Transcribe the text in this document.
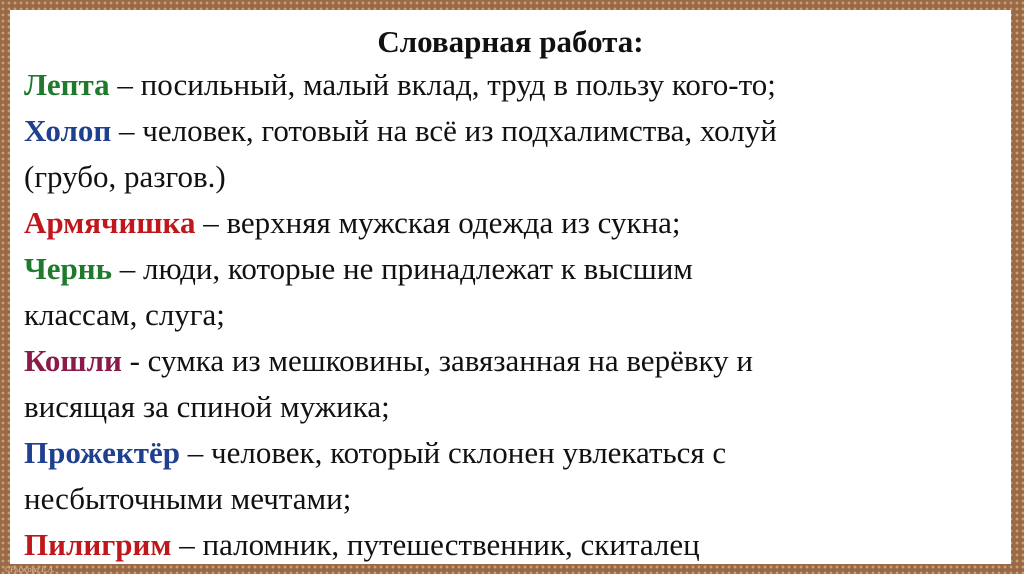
Словарная работа:
Лепта – посильный, малый вклад, труд в пользу кого-то;
Холоп – человек, готовый на всё из подхалимства, холуй
(грубо, разгов.)
Армячишка – верхняя мужская одежда из сукна;
Чернь – люди, которые не принадлежат к высшим
классам, слуга;
Кошли - сумка из мешковины, завязанная на верёвку и
висящая за спиной мужика;
Прожектёр – человек, который склонен увлекаться с
несбыточными мечтами;
Пилигрим – паломник, путешественник, скиталец
©Рыжова Е.А.
